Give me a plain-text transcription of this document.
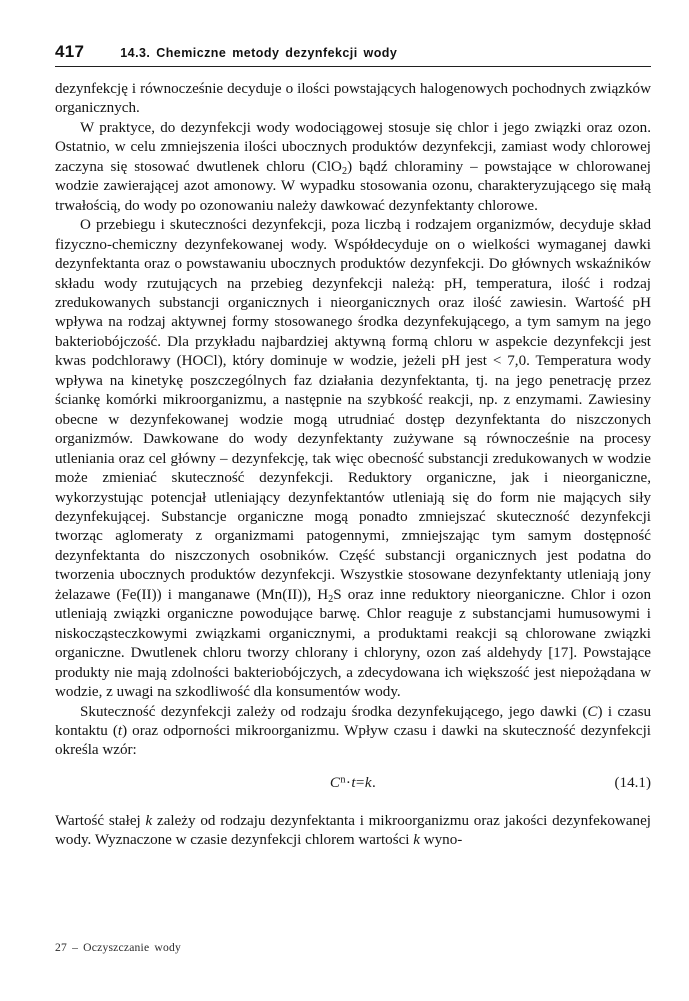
417	14.3. Chemiczne metody dezynfekcji wody

dezynfekcję i równocześnie decyduje o ilości powstających halogenowych pochodnych związków organicznych.

W praktyce, do dezynfekcji wody wodociągowej stosuje się chlor i jego związki oraz ozon. Ostatnio, w celu zmniejszenia ilości ubocznych produktów dezynfekcji, zamiast wody chlorowej zaczyna się stosować dwutlenek chloru (ClO$_2$) bądź chloraminy – powstające w chlorowanej wodzie zawierającej azot amonowy. W wypadku stosowania ozonu, charakteryzującego się małą trwałością, do wody po ozonowaniu należy dawkować dezynfektanty chlorowe.

O przebiegu i skuteczności dezynfekcji, poza liczbą i rodzajem organizmów, decyduje skład fizyczno-chemiczny dezynfekowanej wody. Współdecyduje on o wielkości wymaganej dawki dezynfektanta oraz o powstawaniu ubocznych produktów dezynfekcji. Do głównych wskaźników składu wody rzutujących na przebieg dezynfekcji należą: pH, temperatura, ilość i rodzaj zredukowanych substancji organicznych i nieorganicznych oraz ilość zawiesin. Wartość pH wpływa na rodzaj aktywnej formy stosowanego środka dezynfekującego, a tym samym na jego bakteriobójczość. Dla przykładu najbardziej aktywną formą chloru w aspekcie dezynfekcji jest kwas podchlorawy (HOCl), który dominuje w wodzie, jeżeli pH jest < 7,0. Temperatura wody wpływa na kinetykę poszczególnych faz działania dezynfektanta, tj. na jego penetrację przez ściankę komórki mikroorganizmu, a następnie na szybkość reakcji, np. z enzymami. Zawiesiny obecne w dezynfekowanej wodzie mogą utrudniać dostęp dezynfektanta do niszczonych organizmów. Dawkowane do wody dezynfektanty zużywane są równocześnie na procesy utleniania oraz cel główny – dezynfekcję, tak więc obecność substancji zredukowanych w wodzie może zmieniać skuteczność dezynfekcji. Reduktory organiczne, jak i nieorganiczne, wykorzystując potencjał utleniający dezynfektantów utleniają się do form nie mających siły dezynfekującej. Substancje organiczne mogą ponadto zmniejszać skuteczność dezynfekcji tworząc aglomeraty z organizmami patogennymi, zmniejszając tym samym dostępność dezynfektanta do niszczonych osobników. Część substancji organicznych jest podatna do tworzenia ubocznych produktów dezynfekcji. Wszystkie stosowane dezynfektanty utleniają jony żelazawe (Fe(II)) i manganawe (Mn(II)), $H_2S$ oraz inne reduktory nieorganiczne. Chlor i ozon utleniają związki organiczne powodujące barwę. Chlor reaguje z substancjami humusowymi i niskocząsteczkowymi związkami organicznymi, a produktami reakcji są chlorowane związki organiczne. Dwutlenek chloru tworzy chlorany i chloryny, ozon zaś aldehydy [17]. Powstające produkty nie mają zdolności bakteriobójczych, a zdecydowana ich większość jest niepożądana w wodzie, z uwagi na szkodliwość dla konsumentów wody.

Skuteczność dezynfekcji zależy od rodzaju środka dezynfekującego, jego dawki (C) i czasu kontaktu (t) oraz odporności mikroorganizmu. Wpływ czasu i dawki na skuteczność dezynfekcji określa wzór:

$C^n\cdot t=k$.	(14.1)

Wartość stałej k zależy od rodzaju dezynfektanta i mikroorganizmu oraz jakości dezynfekowanej wody. Wyznaczone w czasie dezynfekcji chlorem wartości k wyno-

27 – Oczyszczanie wody
